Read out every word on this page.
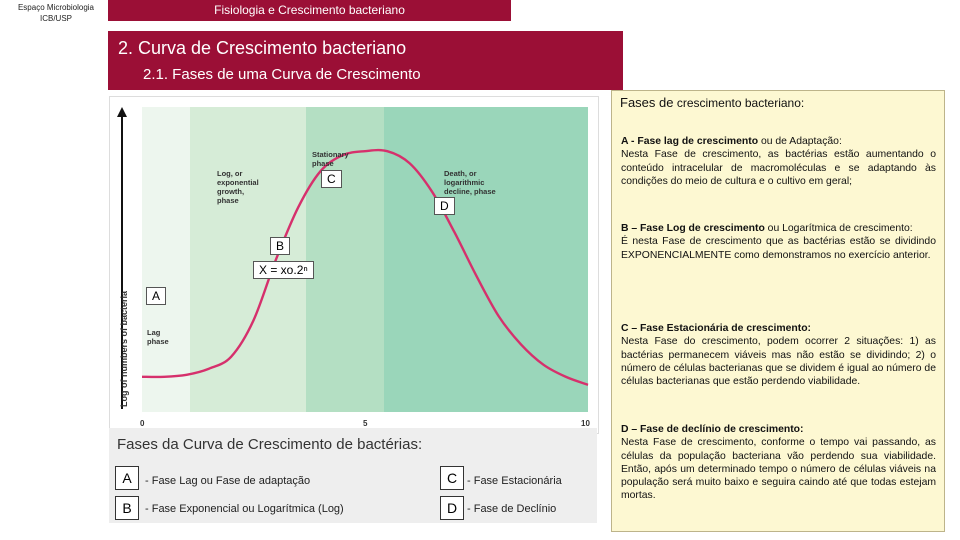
Espaço Microbiologia ICB/USP
Fisiologia e Crescimento bacteriano
2. Curva de Crescimento bacteriano
2.1. Fases de uma Curva de Crescimento
Log of numbers of bacteria Lag
phase
Log, or
exponential
growth,
phase
Stationary
phase
Death, or
logarithmic
decline, phase
0	5	10
C
D
B
X = xo.2ⁿ
A
Fases da Curva de Crescimento de bactérias:
A	- Fase Lag ou Fase de adaptação
B	- Fase Exponencial ou Logarítmica (Log)
C - Fase Estacionária
D - Fase de Declínio
Fases de crescimento bacteriano:
A - Fase lag de crescimento ou de Adaptação:
Nesta Fase de crescimento, as bactérias estão aumentando o conteúdo intracelular de macromoléculas e se adaptando às condições do meio de cultura e o cultivo em geral;
B – Fase Log de crescimento ou Logarítmica de crescimento:
É nesta Fase de crescimento que as bactérias estão se dividindo EXPONENCIALMENTE como demonstramos no exercício anterior.
C – Fase Estacionária de crescimento:
Nesta Fase do crescimento, podem ocorrer 2 situações: 1) as bactérias permanecem viáveis mas não estão se dividindo; 2) o número de células bacterianas que se dividem é igual ao número de células bacterianas que estão perdendo viabilidade.
D – Fase de declínio de crescimento:
Nesta Fase de crescimento, conforme o tempo vai passando, as células da população bacteriana vão perdendo sua viabilidade. Então, após um determinado tempo o número de células viáveis na população será muito baixo e seguira caindo até que todas estejam mortas.
